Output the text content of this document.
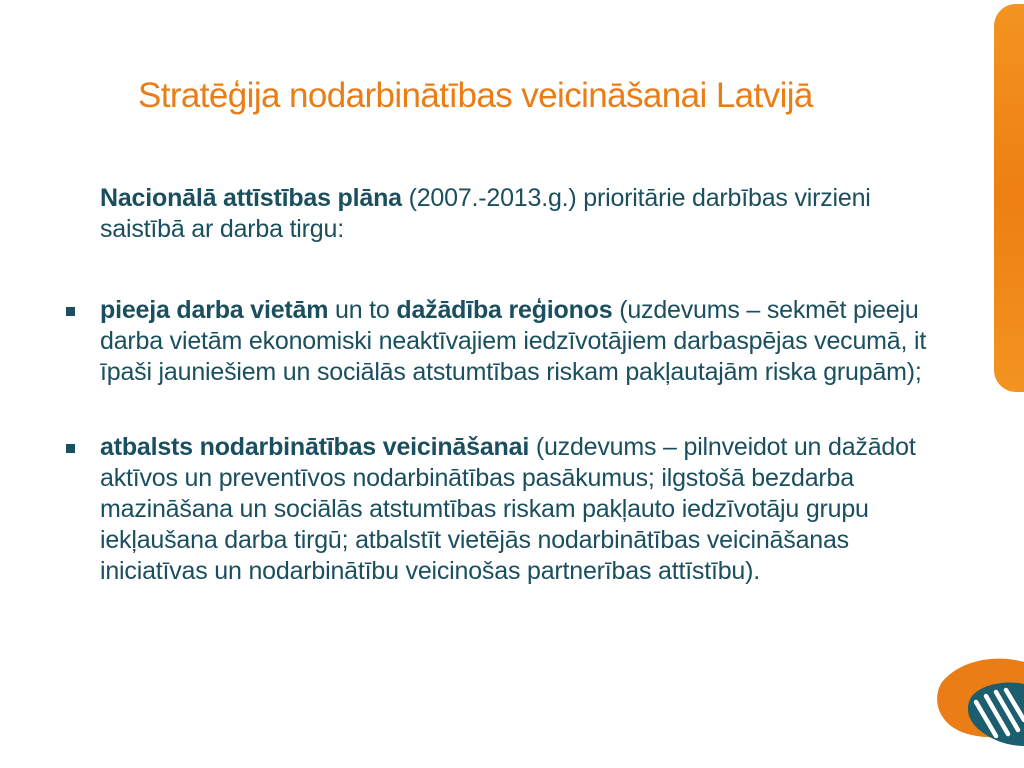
Stratēģija nodarbinātības veicināšanai Latvijā

Nacionālā attīstības plāna (2007.-2013.g.) prioritārie darbības virzieni saistībā ar darba tirgu:

pieeja darba vietām un to dažādība reģionos (uzdevums – sekmēt pieeju darba vietām ekonomiski neaktīvajiem iedzīvotājiem darbaspējas vecumā, it īpaši jauniešiem un sociālās atstumtības riskam pakļautajām riska grupām);
atbalsts nodarbinātības veicināšanai (uzdevums – pilnveidot un dažādot aktīvos un preventīvos nodarbinātības pasākumus; ilgstošā bezdarba mazināšana un sociālās atstumtības riskam pakļauto iedzīvotāju grupu iekļaušana darba tirgū; atbalstīt vietējās nodarbinātības veicināšanas iniciatīvas un nodarbinātību veicinošas partnerības attīstību).
